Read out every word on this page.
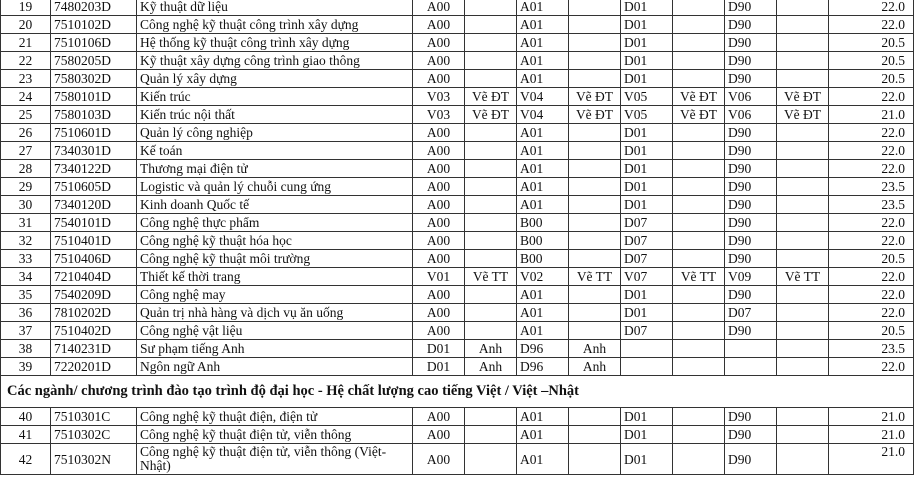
19	7480203D	Kỹ thuật dữ liệu	A00		A01		D01		D90		22.0
20	7510102D	Công nghệ kỹ thuật công trình xây dựng	A00		A01		D01		D90		22.0
21	7510106D	Hệ thống kỹ thuật công trình xây dựng	A00		A01		D01		D90		20.5
22	7580205D	Kỹ thuật xây dựng công trình giao thông	A00		A01		D01		D90		20.5
23	7580302D	Quản lý xây dựng	A00		A01		D01		D90		20.5
24	7580101D	Kiến trúc	V03	Vẽ ĐT	V04	Vẽ ĐT	V05	Vẽ ĐT	V06	Vẽ ĐT	22.0
25	7580103D	Kiến trúc nội thất	V03	Vẽ ĐT	V04	Vẽ ĐT	V05	Vẽ ĐT	V06	Vẽ ĐT	21.0
26	7510601D	Quản lý công nghiệp	A00		A01		D01		D90		22.0
27	7340301D	Kế toán	A00		A01		D01		D90		22.0
28	7340122D	Thương mại điện tử	A00		A01		D01		D90		22.0
29	7510605D	Logistic và quản lý chuỗi cung ứng	A00		A01		D01		D90		23.5
30	7340120D	Kinh doanh Quốc tế	A00		A01		D01		D90		23.5
31	7540101D	Công nghệ thực phẩm	A00		B00		D07		D90		22.0
32	7510401D	Công nghệ kỹ thuật hóa học	A00		B00		D07		D90		22.0
33	7510406D	Công nghệ kỹ thuật môi trường	A00		B00		D07		D90		20.5
34	7210404D	Thiết kế thời trang	V01	Vẽ TT	V02	Vẽ TT	V07	Vẽ TT	V09	Vẽ TT	22.0
35	7540209D	Công nghệ may	A00		A01		D01		D90		22.0
36	7810202D	Quản trị nhà hàng và dịch vụ ăn uống	A00		A01		D01		D07		22.0
37	7510402D	Công nghệ vật liệu	A00		A01		D07		D90		20.5
38	7140231D	Sư phạm tiếng Anh	D01	Anh	D96	Anh					23.5
39	7220201D	Ngôn ngữ Anh	D01	Anh	D96	Anh					22.0
Các ngành/ chương trình đào tạo trình độ đại học - Hệ chất lượng cao tiếng Việt / Việt –Nhật											
40	7510301C	Công nghệ kỹ thuật điện, điện tử	A00		A01		D01		D90		21.0
41	7510302C	Công nghệ kỹ thuật điện tử, viễn thông	A00		A01		D01		D90		21.0
42	7510302N	Công nghệ kỹ thuật điện tử, viễn thông (Việt-Nhật)	A00		A01		D01		D90		21.0
